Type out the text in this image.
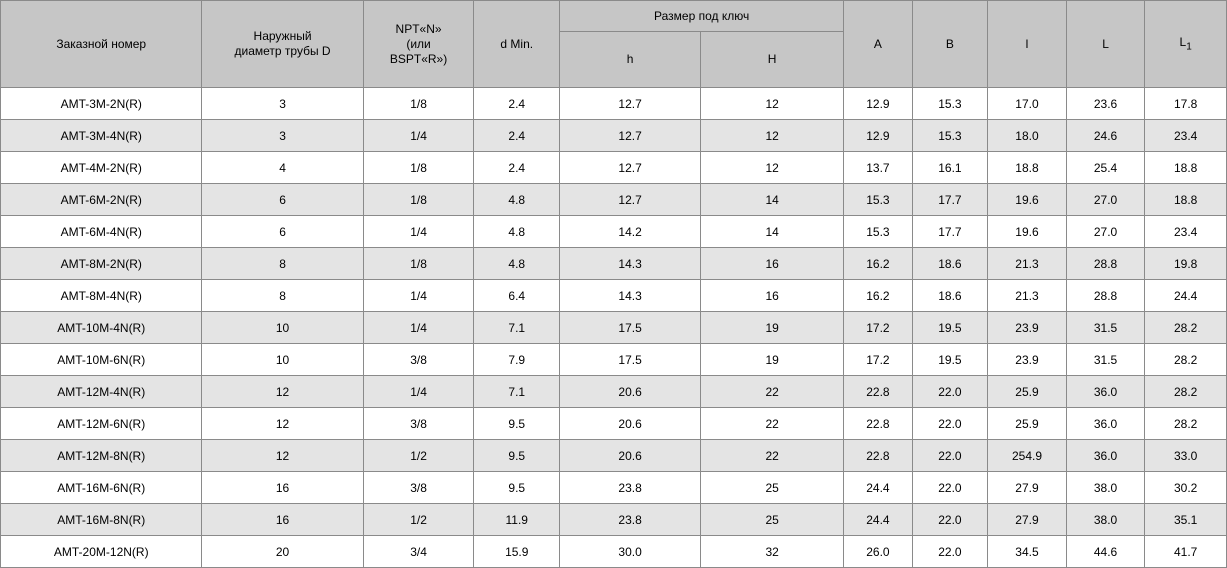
Заказной номер	Наружный
диаметр трубы D	NPT«N»
(или
BSPT«R»)	d Min.	Размер под ключ		A	B	l	L	$L_1$
				h	H					
AMT-3M-2N(R)	3	1/8	2.4	12.7	12	12.9	15.3	17.0	23.6	17.8
AMT-3M-4N(R)	3	1/4	2.4	12.7	12	12.9	15.3	18.0	24.6	23.4
AMT-4M-2N(R)	4	1/8	2.4	12.7	12	13.7	16.1	18.8	25.4	18.8
AMT-6M-2N(R)	6	1/8	4.8	12.7	14	15.3	17.7	19.6	27.0	18.8
AMT-6M-4N(R)	6	1/4	4.8	14.2	14	15.3	17.7	19.6	27.0	23.4
AMT-8M-2N(R)	8	1/8	4.8	14.3	16	16.2	18.6	21.3	28.8	19.8
AMT-8M-4N(R)	8	1/4	6.4	14.3	16	16.2	18.6	21.3	28.8	24.4
AMT-10M-4N(R)	10	1/4	7.1	17.5	19	17.2	19.5	23.9	31.5	28.2
AMT-10M-6N(R)	10	3/8	7.9	17.5	19	17.2	19.5	23.9	31.5	28.2
AMT-12M-4N(R)	12	1/4	7.1	20.6	22	22.8	22.0	25.9	36.0	28.2
AMT-12M-6N(R)	12	3/8	9.5	20.6	22	22.8	22.0	25.9	36.0	28.2
AMT-12M-8N(R)	12	1/2	9.5	20.6	22	22.8	22.0	254.9	36.0	33.0
AMT-16M-6N(R)	16	3/8	9.5	23.8	25	24.4	22.0	27.9	38.0	30.2
AMT-16M-8N(R)	16	1/2	11.9	23.8	25	24.4	22.0	27.9	38.0	35.1
AMT-20M-12N(R)	20	3/4	15.9	30.0	32	26.0	22.0	34.5	44.6	41.7
